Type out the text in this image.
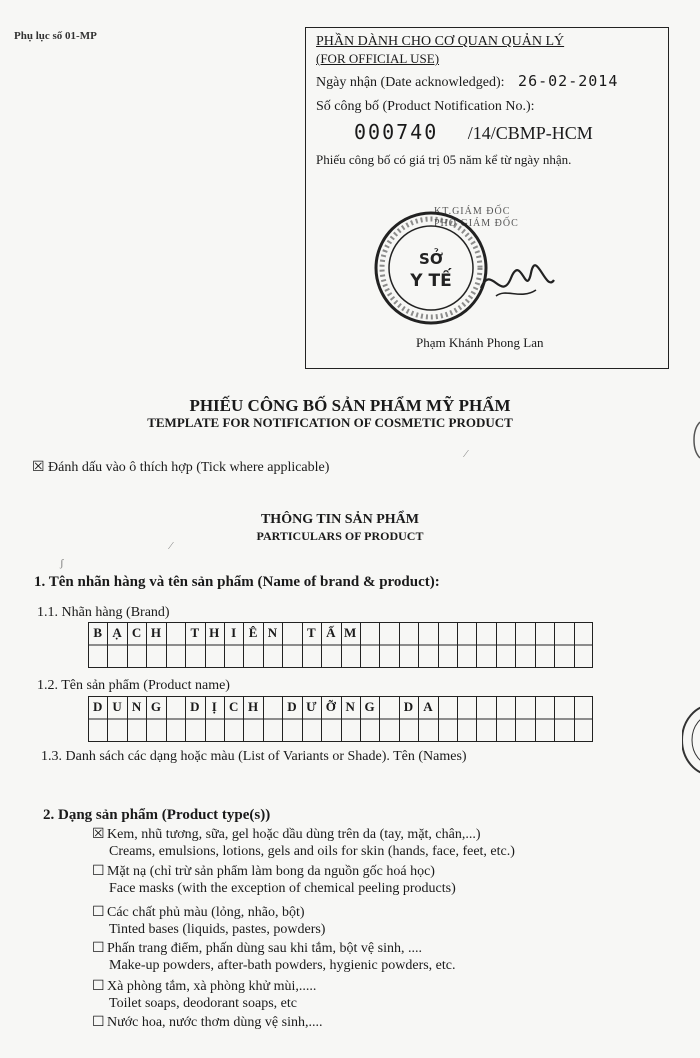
Phụ lục số 01-MP	PHẦN DÀNH CHO CƠ QUAN QUẢN LÝ
(FOR OFFICIAL USE)
Ngày nhận (Date acknowledged): 26-02-2014
Số công bố (Product Notification No.):
000740 /14/CBMP-HCM
Phiếu công bố có giá trị 05 năm kể từ ngày nhận.
KT.GIÁM ĐỐC
PHÓ GIÁM ĐỐC
SỞ
Y TẾ
Phạm Khánh Phong Lan
PHIẾU CÔNG BỐ SẢN PHẨM MỸ PHẨM
TEMPLATE FOR NOTIFICATION OF COSMETIC PRODUCT
☒ Đánh dấu vào ô thích hợp (Tick where applicable)
THÔNG TIN SẢN PHẨM
PARTICULARS OF PRODUCT
1. Tên nhãn hàng và tên sản phẩm (Name of brand & product):
1.1. Nhãn hàng (Brand)
B Ạ C H	T H I Ê N	T Ấ M
1.2. Tên sản phẩm (Product name)
D U N G	D Ị C H	D Ư Ỡ N G	D A
1.3. Danh sách các dạng hoặc màu (List of Variants or Shade). Tên (Names)
2. Dạng sản phẩm (Product type(s))
☒ Kem, nhũ tương, sữa, gel hoặc dầu dùng trên da (tay, mặt, chân,...)
Creams, emulsions, lotions, gels and oils for skin (hands, face, feet, etc.)
☐ Mặt nạ (chỉ trừ sản phẩm làm bong da nguồn gốc hoá học)
Face masks (with the exception of chemical peeling products)
☐ Các chất phủ màu (lỏng, nhão, bột)
Tinted bases (liquids, pastes, powders)
☐ Phấn trang điểm, phấn dùng sau khi tắm, bột vệ sinh, ....
Make-up powders, after-bath powders, hygienic powders, etc.
☐ Xà phòng tắm, xà phòng khử mùi,.....
Toilet soaps, deodorant soaps, etc
☐ Nước hoa, nước thơm dùng vệ sinh,....
⁄
⁄
ʃ
